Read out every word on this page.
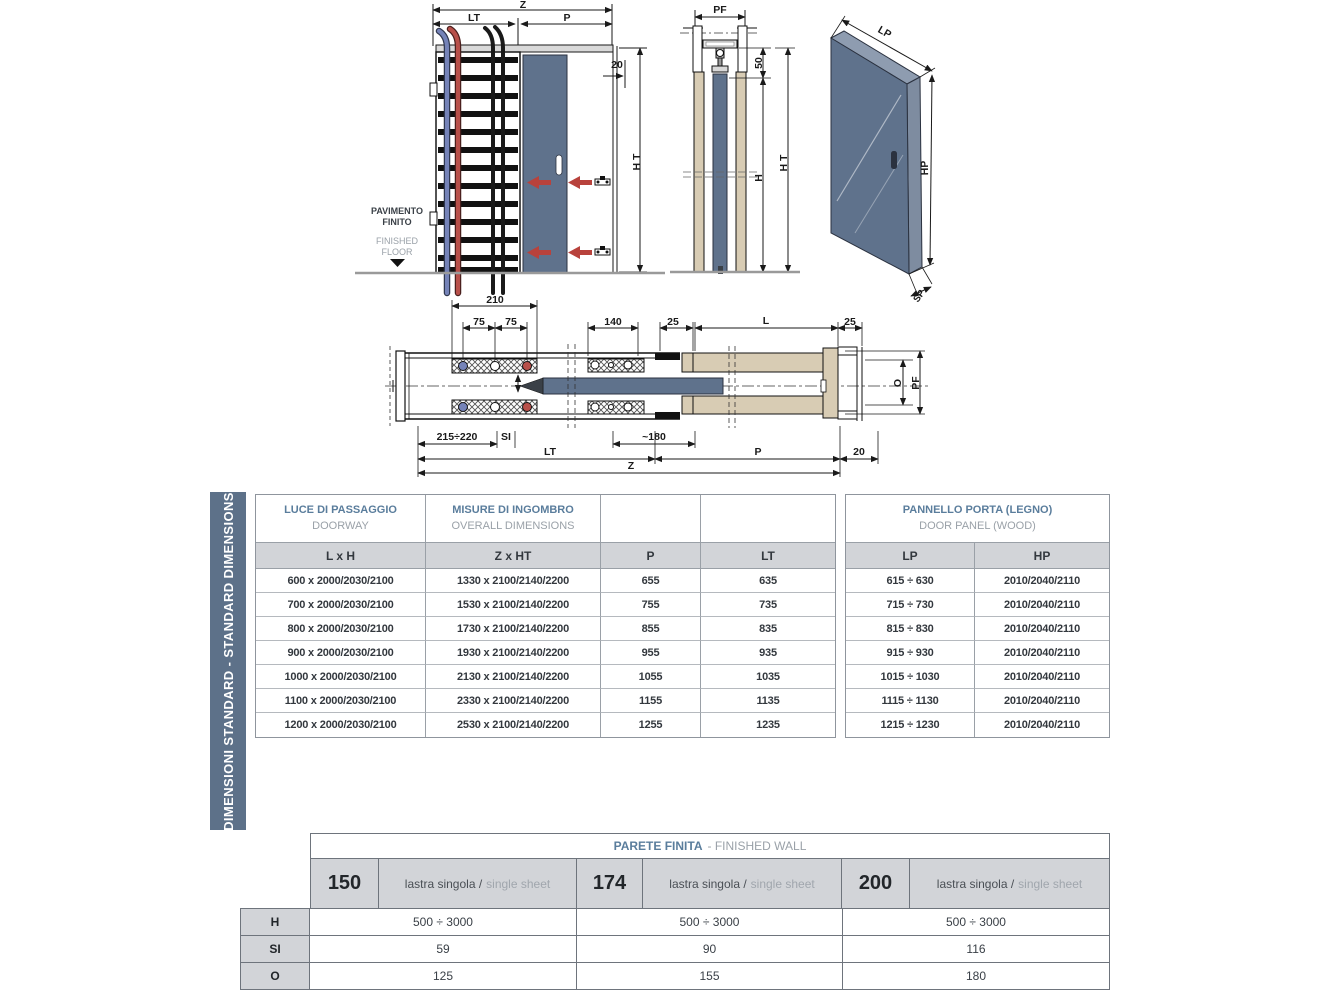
Z
LT	P
20
H T
PAVIMENTO
FINITO
FINISHED
FLOOR
PF
50
H
H T
LP
HP
SP
O PF
210
75 75	140	25	L	25
215÷220 SI	~180
LT	P	20
Z
DIMENSIONI STANDARD - STANDARD DIMENSIONS	LUCE DI PASSAGGIO
DOORWAY
MISURE DI INGOMBRO
OVERALL DIMENSIONS
L x H	Z x HT	P	LT
600 x 2000/2030/2100	1330 x 2100/2140/2200	655	635
700 x 2000/2030/2100	1530 x 2100/2140/2200	755	735
800 x 2000/2030/2100	1730 x 2100/2140/2200	855	835
900 x 2000/2030/2100	1930 x 2100/2140/2200	955	935
1000 x 2000/2030/2100	2130 x 2100/2140/2200	1055	1035
1100 x 2000/2030/2100	2330 x 2100/2140/2200	1155	1135
1200 x 2000/2030/2100	2530 x 2100/2140/2200	1255	1235
PANNELLO PORTA (LEGNO)
DOOR PANEL (WOOD)
LP	HP
615 ÷ 630	2010/2040/2110
715 ÷ 730	2010/2040/2110
815 ÷ 830	2010/2040/2110
915 ÷ 930	2010/2040/2110
1015 ÷ 1030	2010/2040/2110
1115 ÷ 1130	2010/2040/2110
1215 ÷ 1230	2010/2040/2110
PARETE FINITA - FINISHED WALL
150	lastra singola / single sheet	174	lastra singola / single sheet	200	lastra singola / single sheet
H	500 ÷ 3000	500 ÷ 3000	500 ÷ 3000
SI	59	90	116
O	125	155	180
